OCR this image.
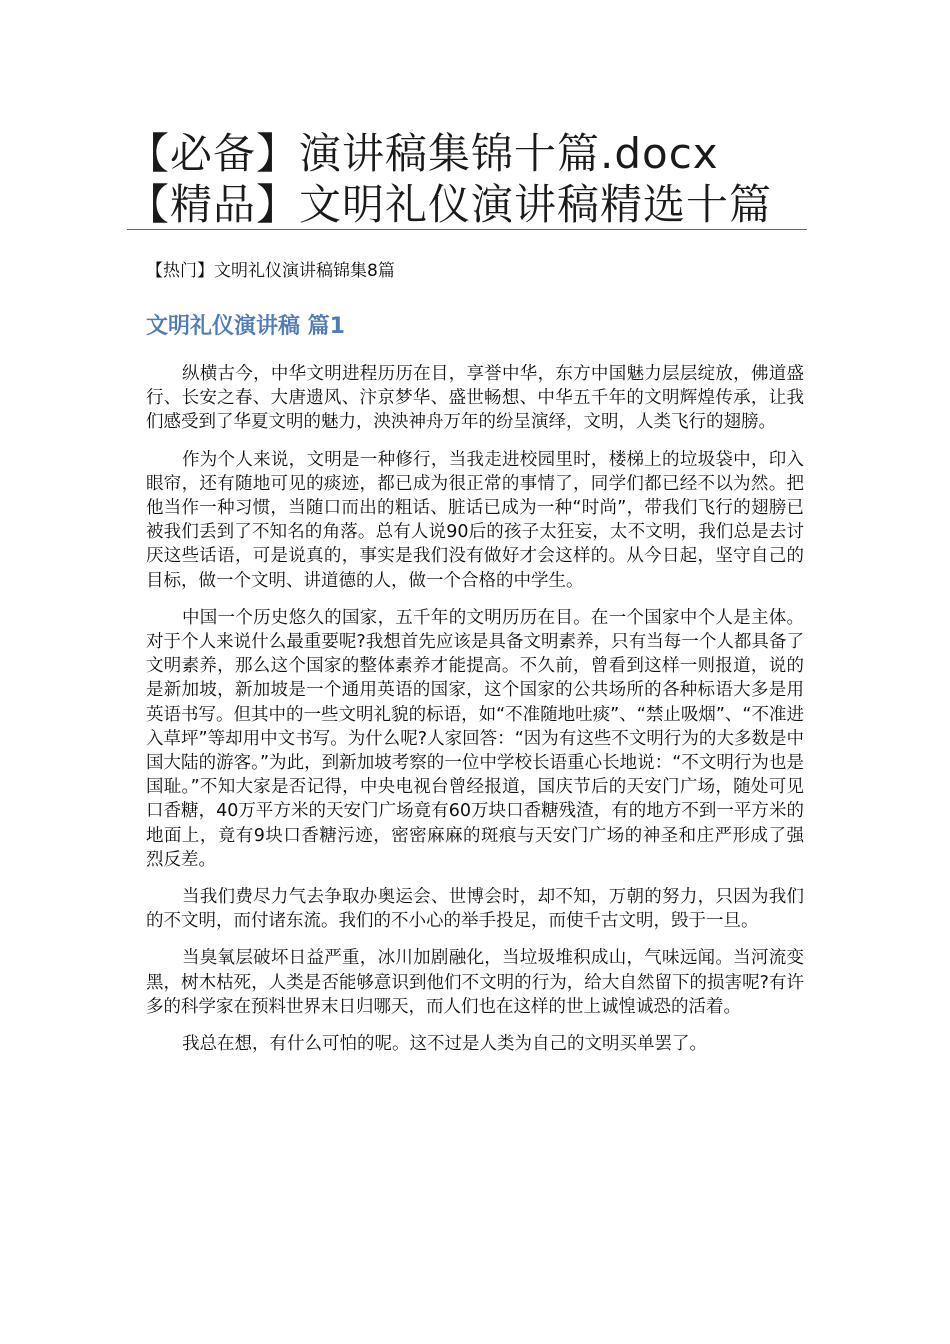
【必备】演讲稿集锦十篇.docx
【精品】文明礼仪演讲稿精选十篇

【热门】文明礼仪演讲稿锦集8篇

文明礼仪演讲稿 篇1

纵横古今，中华文明进程历历在目，享誉中华，东方中国魅力层层绽放，佛道盛行、长安之春、大唐遗风、汴京梦华、盛世畅想、中华五千年的文明辉煌传承，让我们感受到了华夏文明的魅力，泱泱神舟万年的纷呈演绎，文明，人类飞行的翅膀。

作为个人来说，文明是一种修行，当我走进校园里时，楼梯上的垃圾袋中，印入眼帘，还有随地可见的痰迹，都已成为很正常的事情了，同学们都已经不以为然。把他当作一种习惯，当随口而出的粗话、脏话已成为一种“时尚”，带我们飞行的翅膀已被我们丢到了不知名的角落。总有人说90后的孩子太狂妄，太不文明，我们总是去讨厌这些话语，可是说真的，事实是我们没有做好才会这样的。从今日起，坚守自己的目标，做一个文明、讲道德的人，做一个合格的中学生。

中国一个历史悠久的国家，五千年的文明历历在目。在一个国家中个人是主体。对于个人来说什么最重要呢?我想首先应该是具备文明素养，只有当每一个人都具备了文明素养，那么这个国家的整体素养才能提高。不久前，曾看到这样一则报道，说的是新加坡，新加坡是一个通用英语的国家，这个国家的公共场所的各种标语大多是用英语书写。但其中的一些文明礼貌的标语，如“不准随地吐痰”、“禁止吸烟”、“不准进入草坪”等却用中文书写。为什么呢?人家回答：“因为有这些不文明行为的大多数是中国大陆的游客。”为此，到新加坡考察的一位中学校长语重心长地说：“不文明行为也是国耻。”不知大家是否记得，中央电视台曾经报道，国庆节后的天安门广场，随处可见口香糖，40万平方米的天安门广场竟有60万块口香糖残渣，有的地方不到一平方米的地面上，竟有9块口香糖污迹，密密麻麻的斑痕与天安门广场的神圣和庄严形成了强烈反差。

当我们费尽力气去争取办奥运会、世博会时，却不知，万朝的努力，只因为我们的不文明，而付诸东流。我们的不小心的举手投足，而使千古文明，毁于一旦。

当臭氧层破坏日益严重，冰川加剧融化，当垃圾堆积成山，气味远闻。当河流变黑，树木枯死，人类是否能够意识到他们不文明的行为，给大自然留下的损害呢?有许多的科学家在预料世界末日归哪天，而人们也在这样的世上诚惶诚恐的活着。

我总在想，有什么可怕的呢。这不过是人类为自己的文明买单罢了。
